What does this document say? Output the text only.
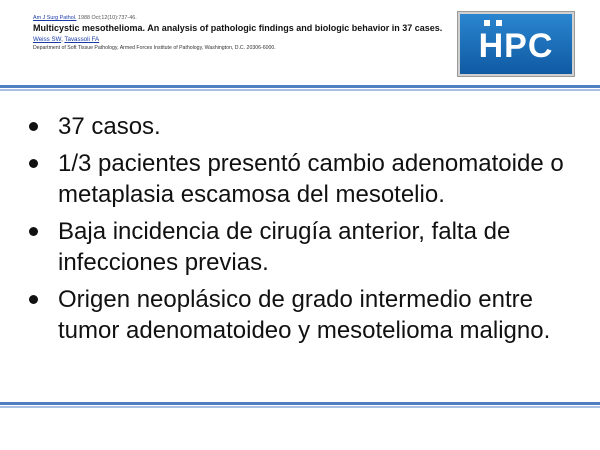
Am J Surg Pathol. 1988 Oct;12(10):737-46.
Multicystic mesothelioma. An analysis of pathologic findings and biologic behavior in 37 cases.
Weiss SW, Tavassoli FA
Department of Soft Tissue Pathology, Armed Forces Institute of Pathology, Washington, D.C. 20306-6000.	HPC
37 casos.
1/3 pacientes presentó cambio adenomatoide o metaplasia escamosa del mesotelio.
Baja incidencia de cirugía anterior, falta de infecciones previas.
Origen neoplásico de grado intermedio entre tumor adenomatoideo y mesotelioma maligno.
